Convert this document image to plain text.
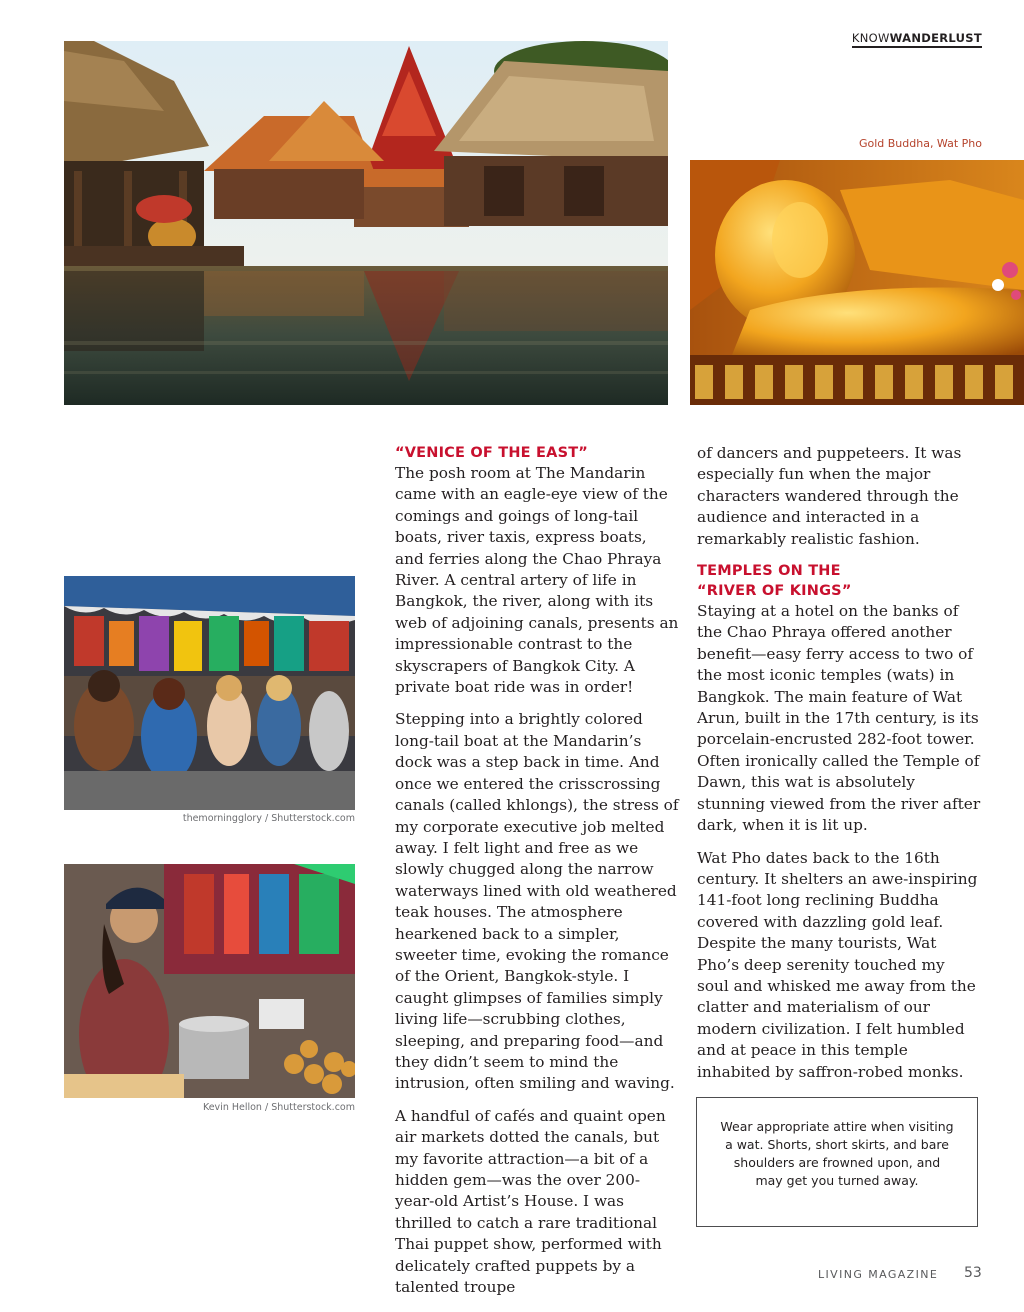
KNOWWANDERLUST
Gold Buddha, Wat Pho
themorningglory / Shutterstock.com
Kevin Hellon / Shutterstock.com
“VENICE OF THE EAST”

The posh room at The Mandarin came with an eagle-eye view of the comings and goings of long-tail boats, river taxis, express boats, and ferries along the Chao Phraya River. A central artery of life in Bangkok, the river, along with its web of adjoining canals, presents an impressionable contrast to the skyscrapers of Bangkok City. A private boat ride was in order!

Stepping into a brightly colored long-tail boat at the Mandarin’s dock was a step back in time. And once we entered the crisscrossing canals (called khlongs), the stress of my corporate executive job melted away. I felt light and free as we slowly chugged along the narrow waterways lined with old weathered teak houses. The atmosphere hearkened back to a simpler, sweeter time, evoking the romance of the Orient, Bangkok-style. I caught glimpses of families simply living life—scrubbing clothes, sleeping, and preparing food—and they didn’t seem to mind the intrusion, often smiling and waving.

A handful of cafés and quaint open air markets dotted the canals, but my favorite attraction—a bit of a hidden gem—was the over 200-year-old Artist’s House. I was thrilled to catch a rare traditional Thai puppet show, performed with delicately crafted puppets by a talented troupe

of dancers and puppeteers. It was especially fun when the major characters wandered through the audience and interacted in a remarkably realistic fashion.

TEMPLES ON THE
“RIVER OF KINGS”

Staying at a hotel on the banks of the Chao Phraya offered another benefit—easy ferry access to two of the most iconic temples (wats) in Bangkok. The main feature of Wat Arun, built in the 17th century, is its porcelain-encrusted 282-foot tower. Often ironically called the Temple of Dawn, this wat is absolutely stunning viewed from the river after dark, when it is lit up.

Wat Pho dates back to the 16th century. It shelters an awe-inspiring 141-foot long reclining Buddha covered with dazzling gold leaf. Despite the many tourists, Wat Pho’s deep serenity touched my soul and whisked me away from the clatter and materialism of our modern civilization. I felt humbled and at peace in this temple inhabited by saffron-robed monks.

Wear appropriate attire when visiting a wat. Shorts, short skirts, and bare shoulders are frowned upon, and may get you turned away.
LIVING MAGAZINE 53
